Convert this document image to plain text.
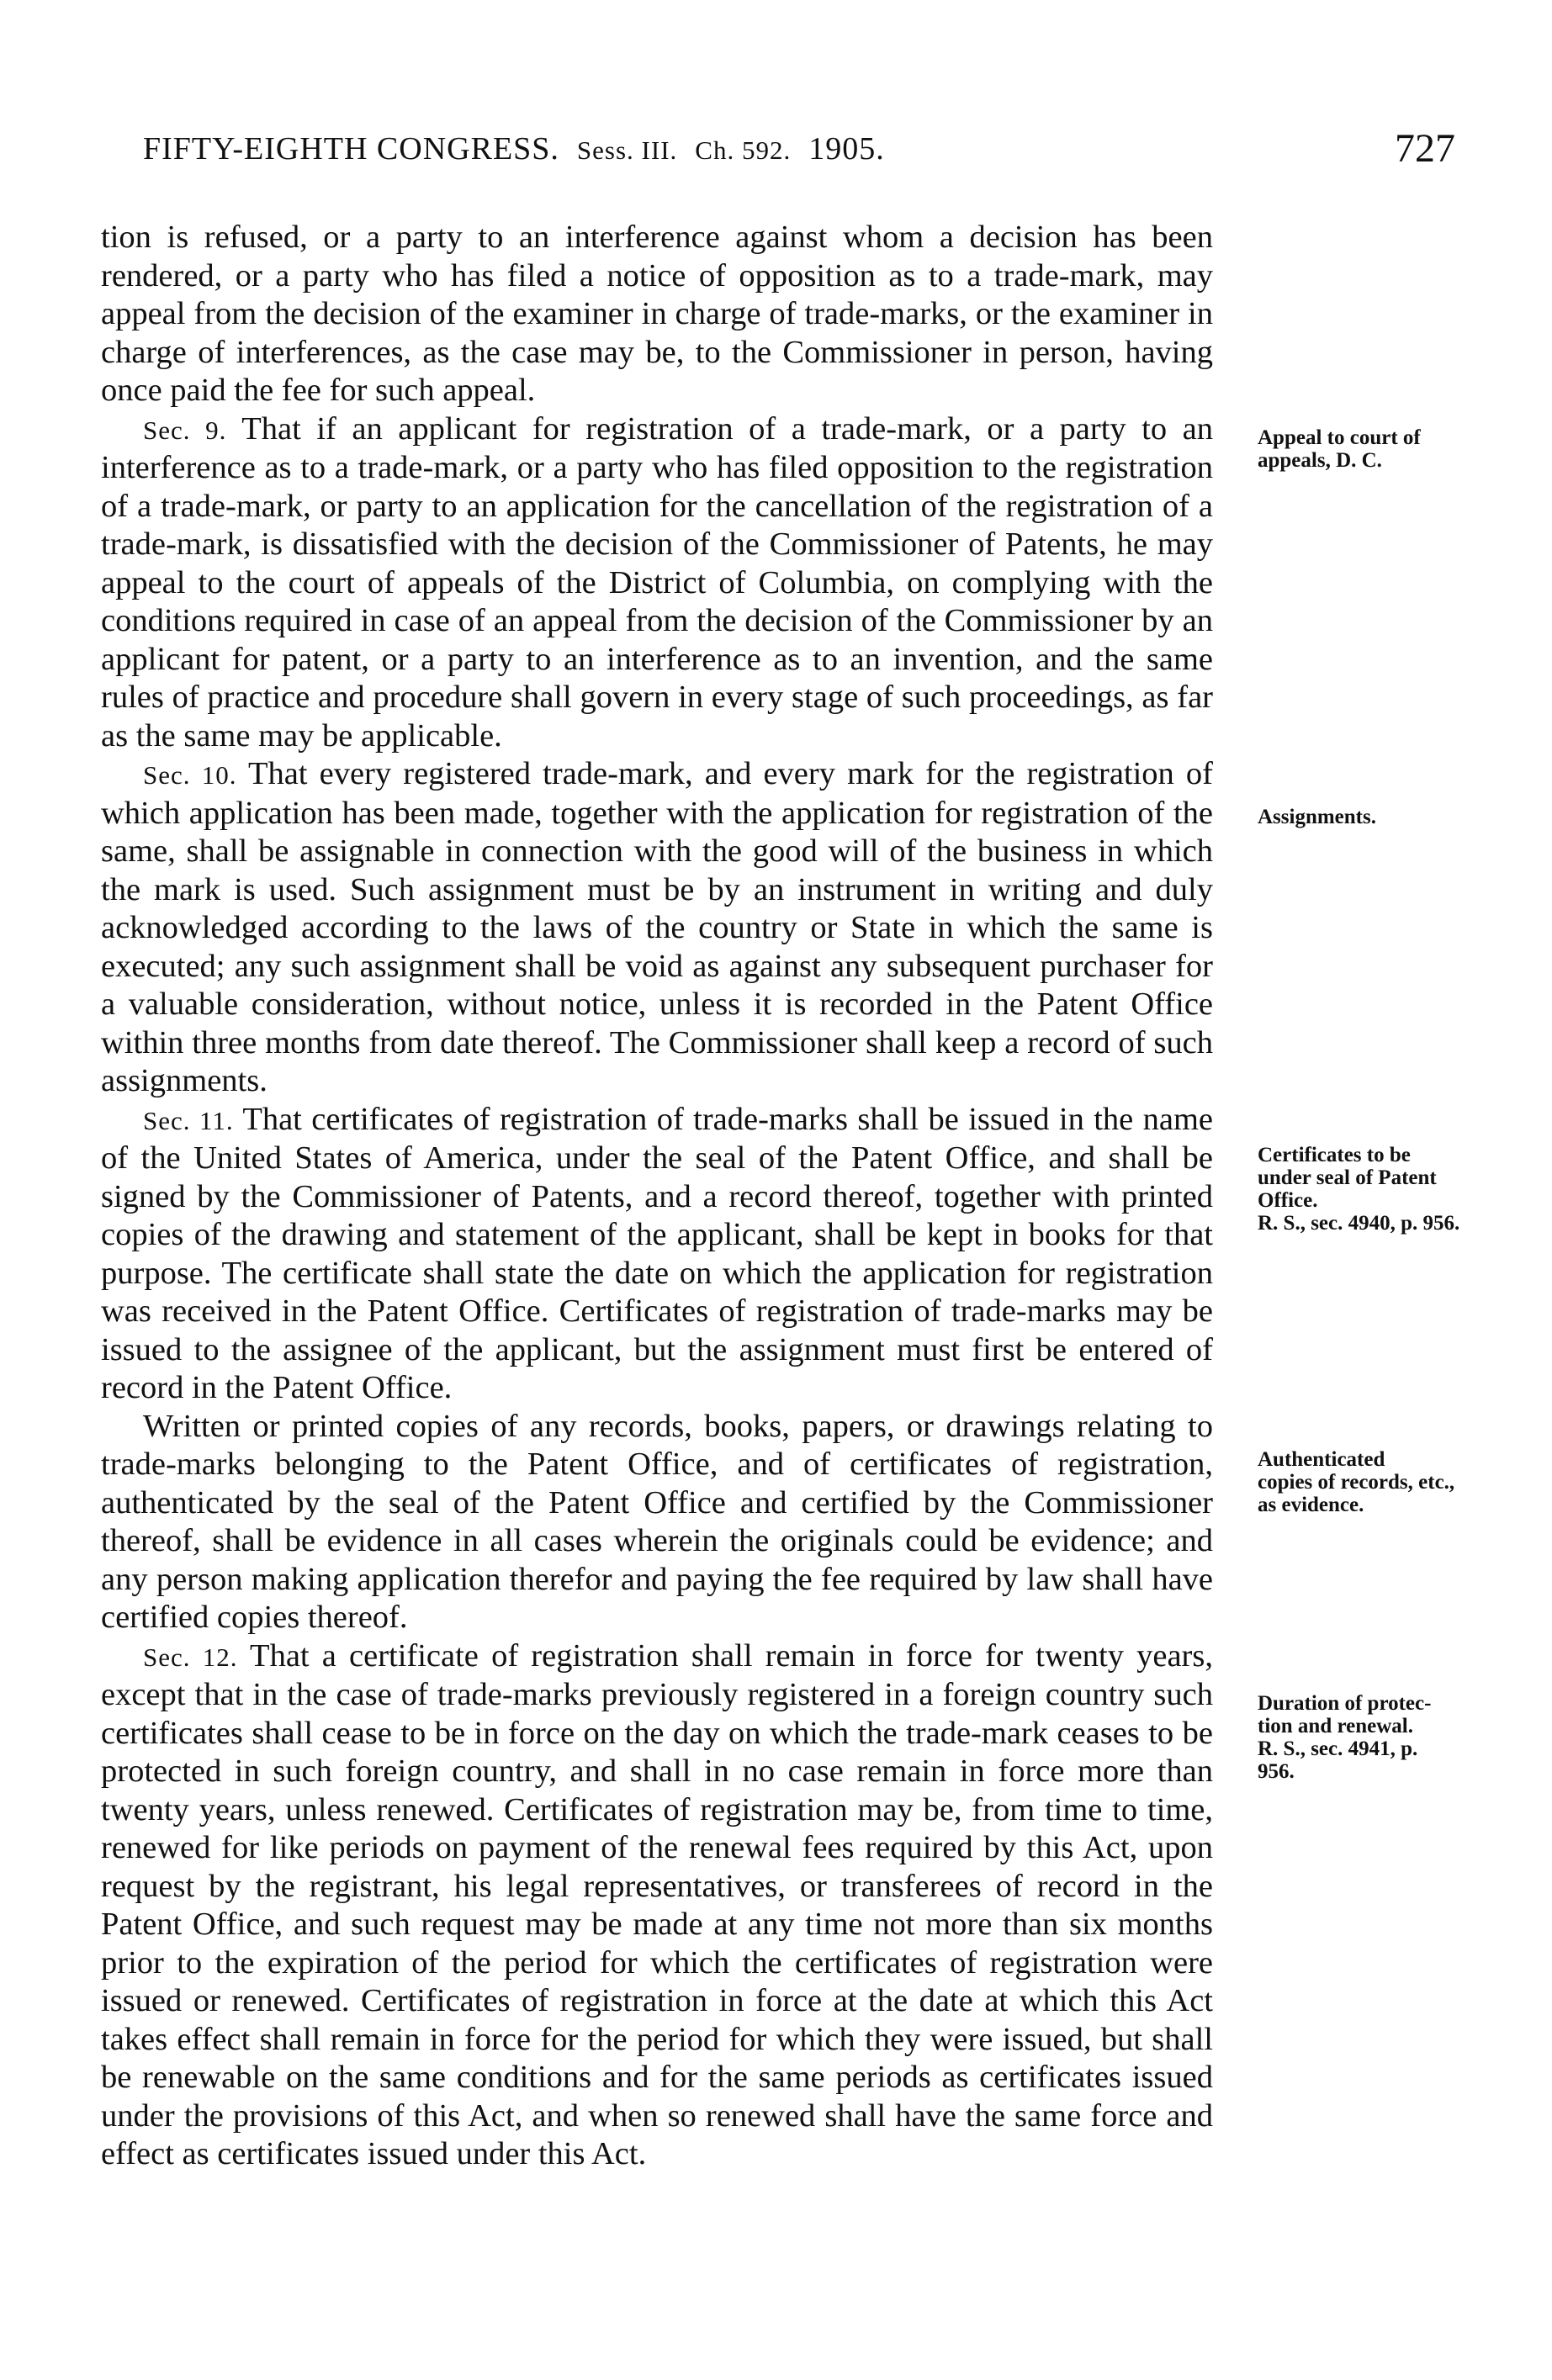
FIFTY-EIGHTH CONGRESS. Sess. III. Ch. 592. 1905.	727

tion is refused, or a party to an interference against whom a decision has been rendered, or a party who has filed a notice of opposition as to a trade-mark, may appeal from the decision of the examiner in charge of trade-marks, or the examiner in charge of interferences, as the case may be, to the Commissioner in person, having once paid the fee for such appeal.

Sec. 9. That if an applicant for registration of a trade-mark, or a party to an interference as to a trade-mark, or a party who has filed opposition to the registration of a trade-mark, or party to an application for the cancellation of the registration of a trade-mark, is dissatisfied with the decision of the Commissioner of Patents, he may appeal to the court of appeals of the District of Columbia, on complying with the conditions required in case of an appeal from the decision of the Commissioner by an applicant for patent, or a party to an interference as to an invention, and the same rules of practice and procedure shall govern in every stage of such proceedings, as far as the same may be applicable.

Sec. 10. That every registered trade-mark, and every mark for the registration of which application has been made, together with the application for registration of the same, shall be assignable in connection with the good will of the business in which the mark is used. Such assignment must be by an instrument in writing and duly acknowledged according to the laws of the country or State in which the same is executed; any such assignment shall be void as against any subsequent purchaser for a valuable consideration, without notice, unless it is recorded in the Patent Office within three months from date thereof. The Commissioner shall keep a record of such assignments.

Sec. 11. That certificates of registration of trade-marks shall be issued in the name of the United States of America, under the seal of the Patent Office, and shall be signed by the Commissioner of Patents, and a record thereof, together with printed copies of the drawing and statement of the applicant, shall be kept in books for that purpose. The certificate shall state the date on which the application for registration was received in the Patent Office. Certificates of registration of trade-marks may be issued to the assignee of the applicant, but the assignment must first be entered of record in the Patent Office.

Written or printed copies of any records, books, papers, or drawings relating to trade-marks belonging to the Patent Office, and of certificates of registration, authenticated by the seal of the Patent Office and certified by the Commissioner thereof, shall be evidence in all cases wherein the originals could be evidence; and any person making application therefor and paying the fee required by law shall have certified copies thereof.

Sec. 12. That a certificate of registration shall remain in force for twenty years, except that in the case of trade-marks previously registered in a foreign country such certificates shall cease to be in force on the day on which the trade-mark ceases to be protected in such foreign country, and shall in no case remain in force more than twenty years, unless renewed. Certificates of registration may be, from time to time, renewed for like periods on payment of the renewal fees required by this Act, upon request by the registrant, his legal representatives, or transferees of record in the Patent Office, and such request may be made at any time not more than six months prior to the expiration of the period for which the certificates of registration were issued or renewed. Certificates of registration in force at the date at which this Act takes effect shall remain in force for the period for which they were issued, but shall be renewable on the same conditions and for the same periods as certificates issued under the provisions of this Act, and when so renewed shall have the same force and effect as certificates issued under this Act.

Appeal to court of
appeals, D. C.
Assignments.
Certificates to be
under seal of Patent
Office.
R. S., sec. 4940, p. 956.
Authenticated
copies of records, etc.,
as evidence.
Duration of protec-
tion and renewal.
R. S., sec. 4941, p.
956.
